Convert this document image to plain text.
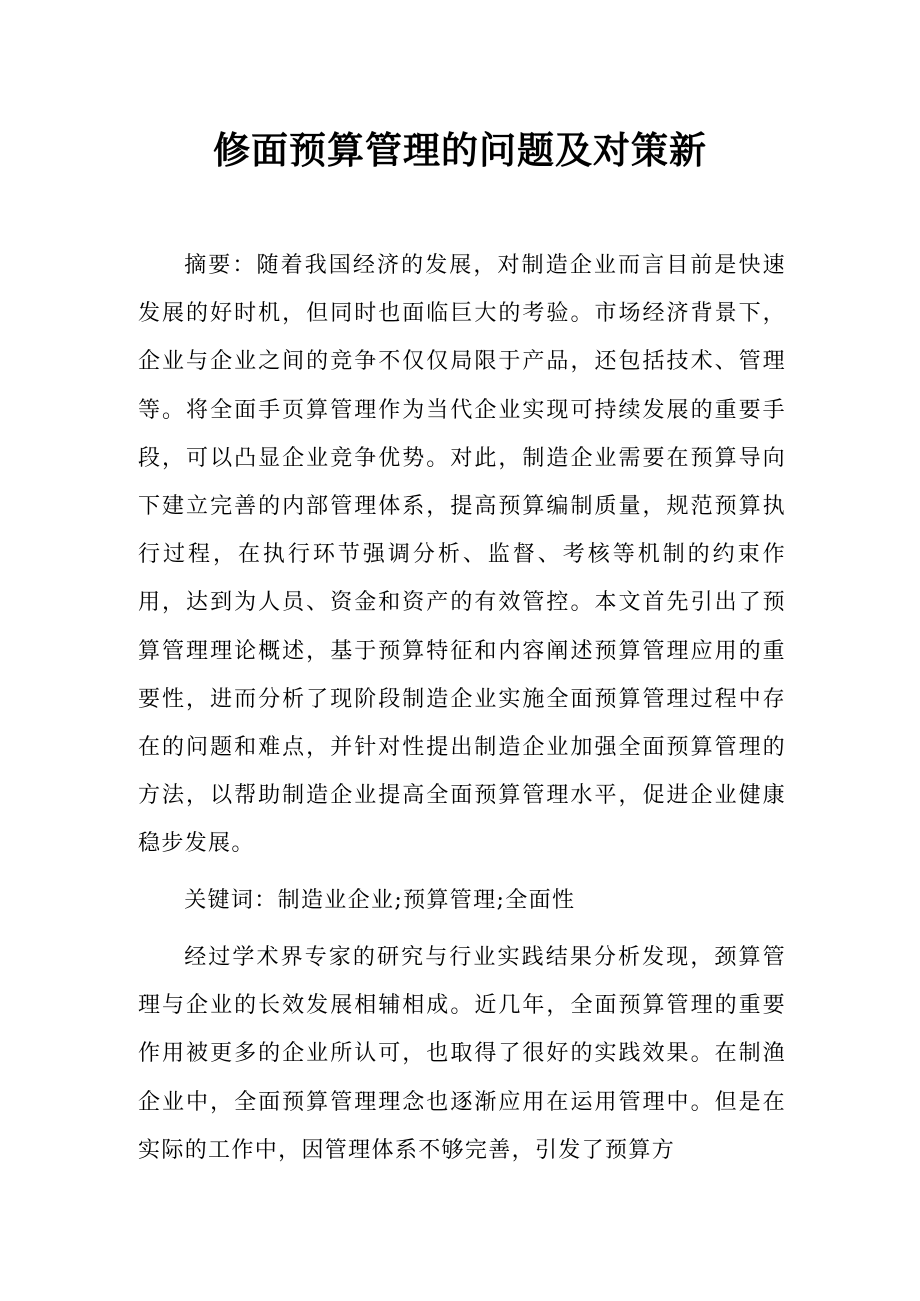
修面预算管理的问题及对策新

摘要：随着我国经济的发展，对制造企业而言目前是快速发展的好时机，但同时也面临巨大的考验。市场经济背景下，企业与企业之间的竞争不仅仅局限于产品，还包括技术、管理等。将全面手页算管理作为当代企业实现可持续发展的重要手段，可以凸显企业竞争优势。对此，制造企业需要在预算导向下建立完善的内部管理体系，提高预算编制质量，规范预算执行过程，在执行环节强调分析、监督、考核等机制的约束作用，达到为人员、资金和资产的有效管控。本文首先引出了预算管理理论概述，基于预算特征和内容阐述预算管理应用的重要性，进而分析了现阶段制造企业实施全面预算管理过程中存在的问题和难点，并针对性提出制造企业加强全面预算管理的方法，以帮助制造企业提高全面预算管理水平，促进企业健康稳步发展。

关键词：制造业企业;预算管理;全面性

经过学术界专家的研究与行业实践结果分析发现，颈算管理与企业的长效发展相辅相成。近几年，全面预算管理的重要作用被更多的企业所认可，也取得了很好的实践效果。在制渔企业中，全面预算管理理念也逐渐应用在运用管理中。但是在实际的工作中，因管理体系不够完善，引发了预算方
